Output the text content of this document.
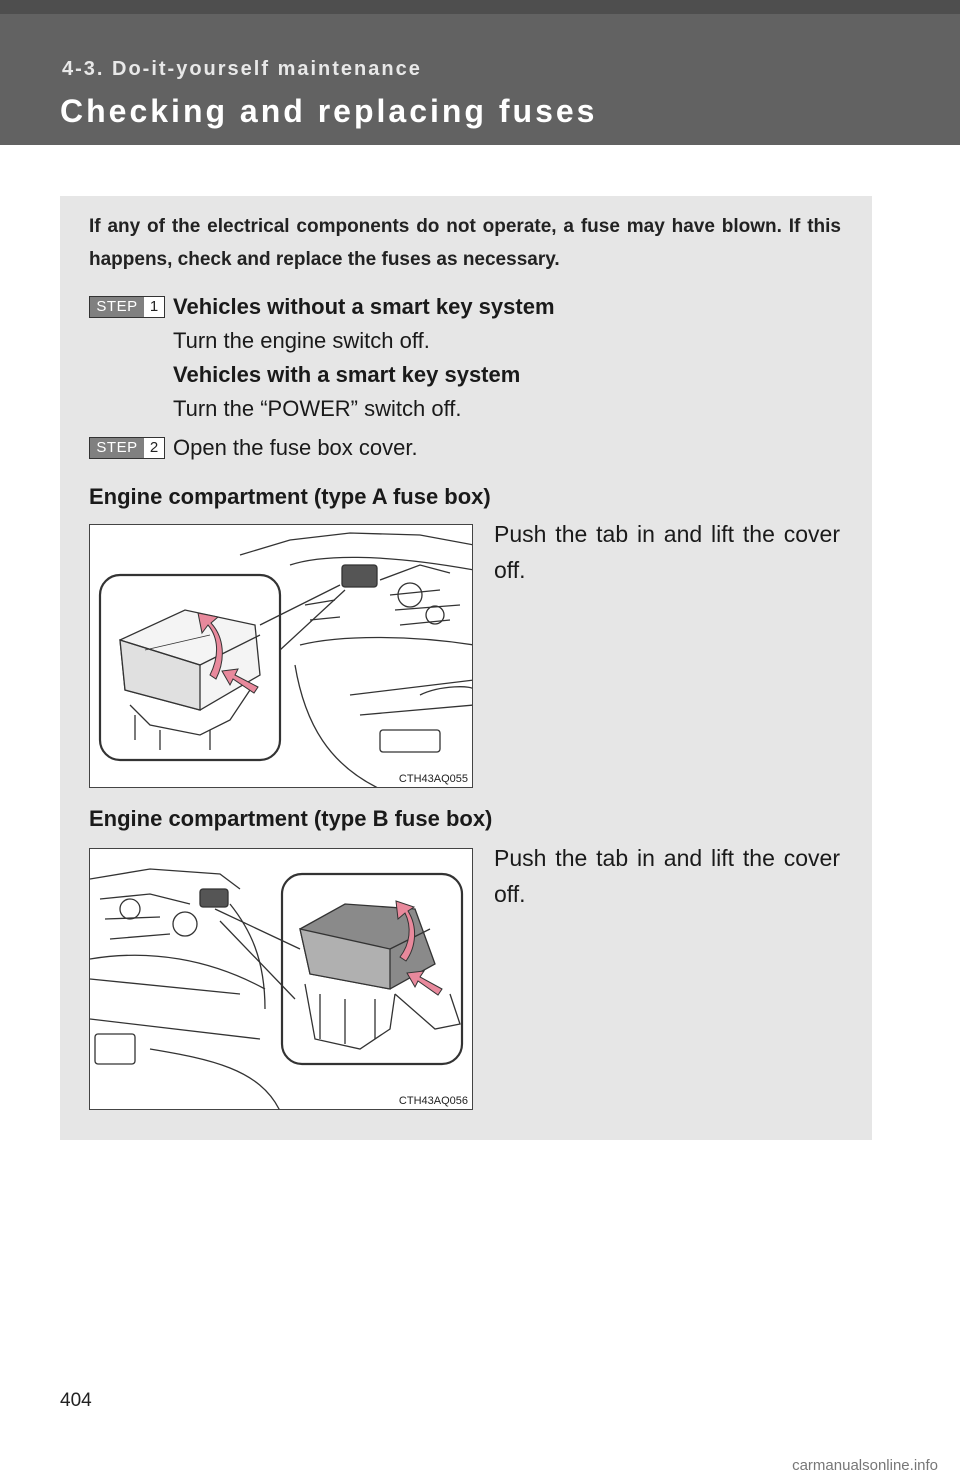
4-3. Do-it-yourself maintenance
Checking and replacing fuses
If any of the electrical components do not operate, a fuse may have blown. If this happens, check and replace the fuses as necessary.
STEP 1 Vehicles without a smart key system
Turn the engine switch off.
Vehicles with a smart key system
Turn the “POWER” switch off.
STEP 2 Open the fuse box cover.
Engine compartment (type A fuse box)
CTH43AQ055
Push the tab in and lift the cover off.
Engine compartment (type B fuse box)
CTH43AQ056
Push the tab in and lift the cover off.
404
carmanualsonline.info
